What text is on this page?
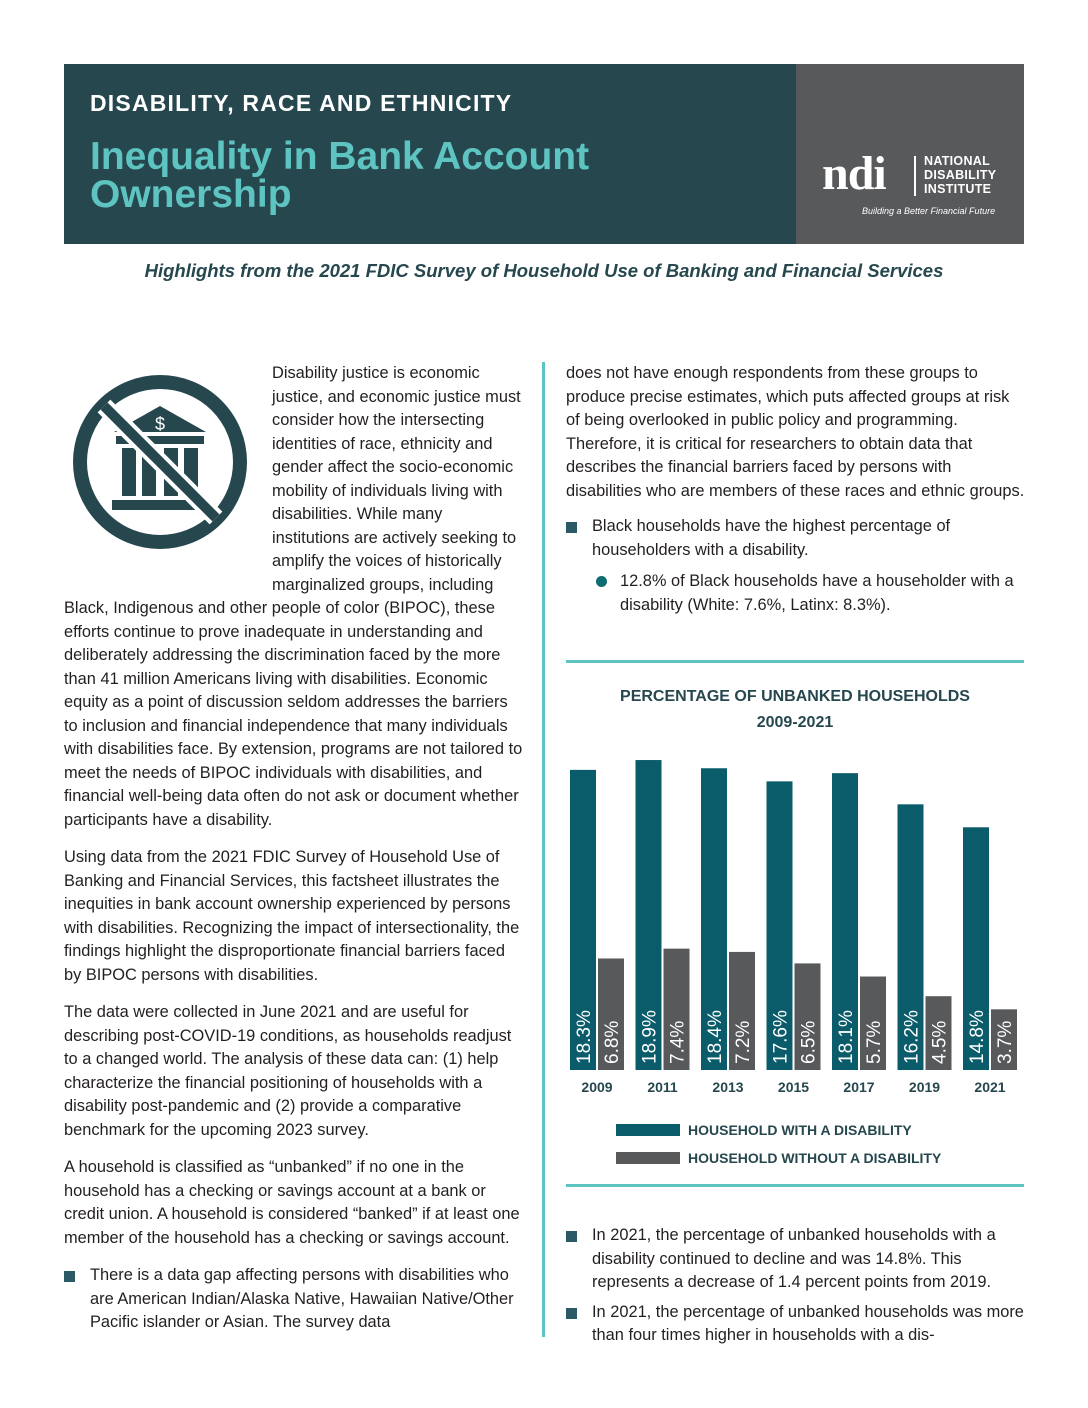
DISABILITY, RACE AND ETHNICITY
Inequality in Bank Account Ownership	ndi	NATIONAL
DISABILITY
INSTITUTE
Building a Better Financial Future
Highlights from the 2021 FDIC Survey of Household Use of Banking and Financial Services
$

Disability justice is economic justice, and economic justice must consider how the intersecting identities of race, ethnicity and gender affect the socio-economic mobility of individuals living with disabilities. While many institutions are actively seeking to amplify the voices of historically marginalized groups, including Black, Indigenous and other people of color (BIPOC), these efforts continue to prove inadequate in understanding and deliberately addressing the discrimination faced by the more than 41 million Americans living with disabilities. Economic equity as a point of discussion seldom addresses the barriers to inclusion and financial independence that many individuals with disabilities face. By extension, programs are not tailored to meet the needs of BIPOC individuals with disabilities, and financial well-being data often do not ask or document whether participants have a disability.

Using data from the 2021 FDIC Survey of Household Use of Banking and Financial Services, this factsheet illustrates the inequities in bank account ownership experienced by persons with disabilities. Recognizing the impact of intersectionality, the findings highlight the disproportionate financial barriers faced by BIPOC persons with disabilities.

The data were collected in June 2021 and are useful for describing post-COVID-19 conditions, as households readjust to a changed world. The analysis of these data can: (1) help characterize the financial positioning of households with a disability post-pandemic and (2) provide a comparative benchmark for the upcoming 2023 survey.

A household is classified as “unbanked” if no one in the household has a checking or savings account at a bank or credit union. A household is considered “banked” if at least one member of the household has a checking or savings account.

There is a data gap affecting persons with disabilities who are American Indian/Alaska Native, Hawaiian Native/Other Pacific islander or Asian. The survey data

does not have enough respondents from these groups to produce precise estimates, which puts affected groups at risk of being overlooked in public policy and programming. Therefore, it is critical for researchers to obtain data that describes the financial barriers faced by persons with disabilities who are members of these races and ethnic groups.

Black households have the highest percentage of householders with a disability.
12.8% of Black households have a householder with a disability (White: 7.6%, Latinx: 8.3%).
PERCENTAGE OF UNBANKED HOUSEHOLDS
2009-2021
18.3% 6.8%
2009
18.9% 7.4%
2011
18.4% 7.2%
2013
17.6% 6.5%
2015
18.1% 5.7%
2017
16.2% 4.5%
2019
14.8% 3.7%
2021
HOUSEHOLD WITH A DISABILITY
HOUSEHOLD WITHOUT A DISABILITY
In 2021, the percentage of unbanked households with a disability continued to decline and was 14.8%. This represents a decrease of 1.4 percent points from 2019.
In 2021, the percentage of unbanked households was more than four times higher in households with a dis-
